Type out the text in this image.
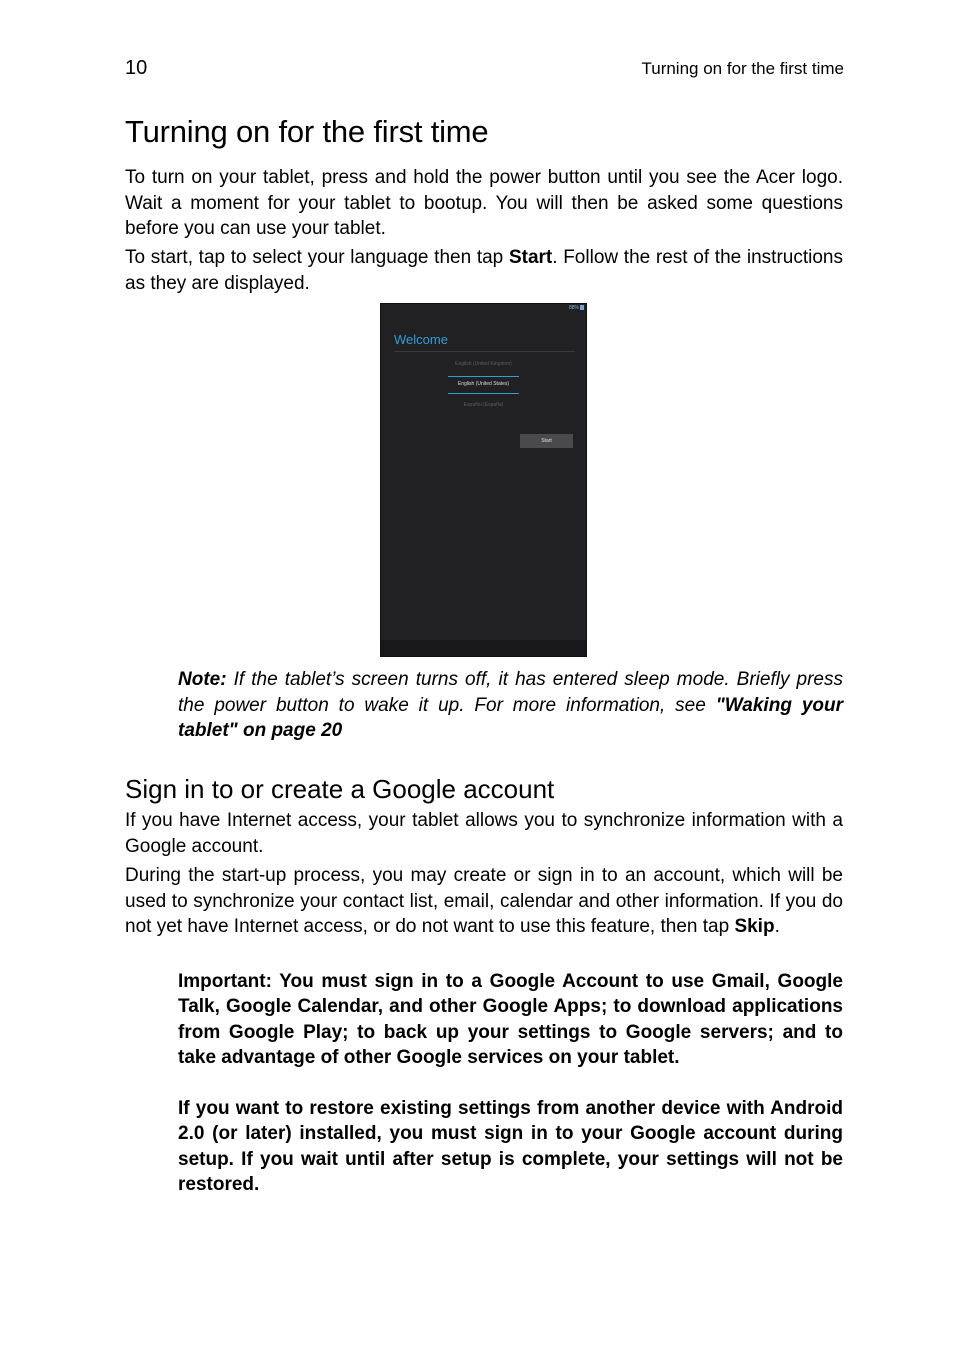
10	Turning on for the first time
Turning on for the first time

To turn on your tablet, press and hold the power button until you see the Acer logo. Wait a moment for your tablet to bootup. You will then be asked some questions before you can use your tablet.

To start, tap to select your language then tap Start. Follow the rest of the instructions as they are displayed.

88%
Welcome
English (United Kingdom)
English (United States)
Español (España)
Start

Note: If the tablet’s screen turns off, it has entered sleep mode. Briefly press the power button to wake it up. For more information, see "Waking your tablet" on page 20

Sign in to or create a Google account

If you have Internet access, your tablet allows you to synchronize information with a Google account.

During the start-up process, you may create or sign in to an account, which will be used to synchronize your contact list, email, calendar and other information. If you do not yet have Internet access, or do not want to use this feature, then tap Skip.

Important: You must sign in to a Google Account to use Gmail, Google Talk, Google Calendar, and other Google Apps; to download applications from Google Play; to back up your settings to Google servers; and to take advantage of other Google services on your tablet.

If you want to restore existing settings from another device with Android 2.0 (or later) installed, you must sign in to your Google account during setup. If you wait until after setup is complete, your settings will not be restored.
